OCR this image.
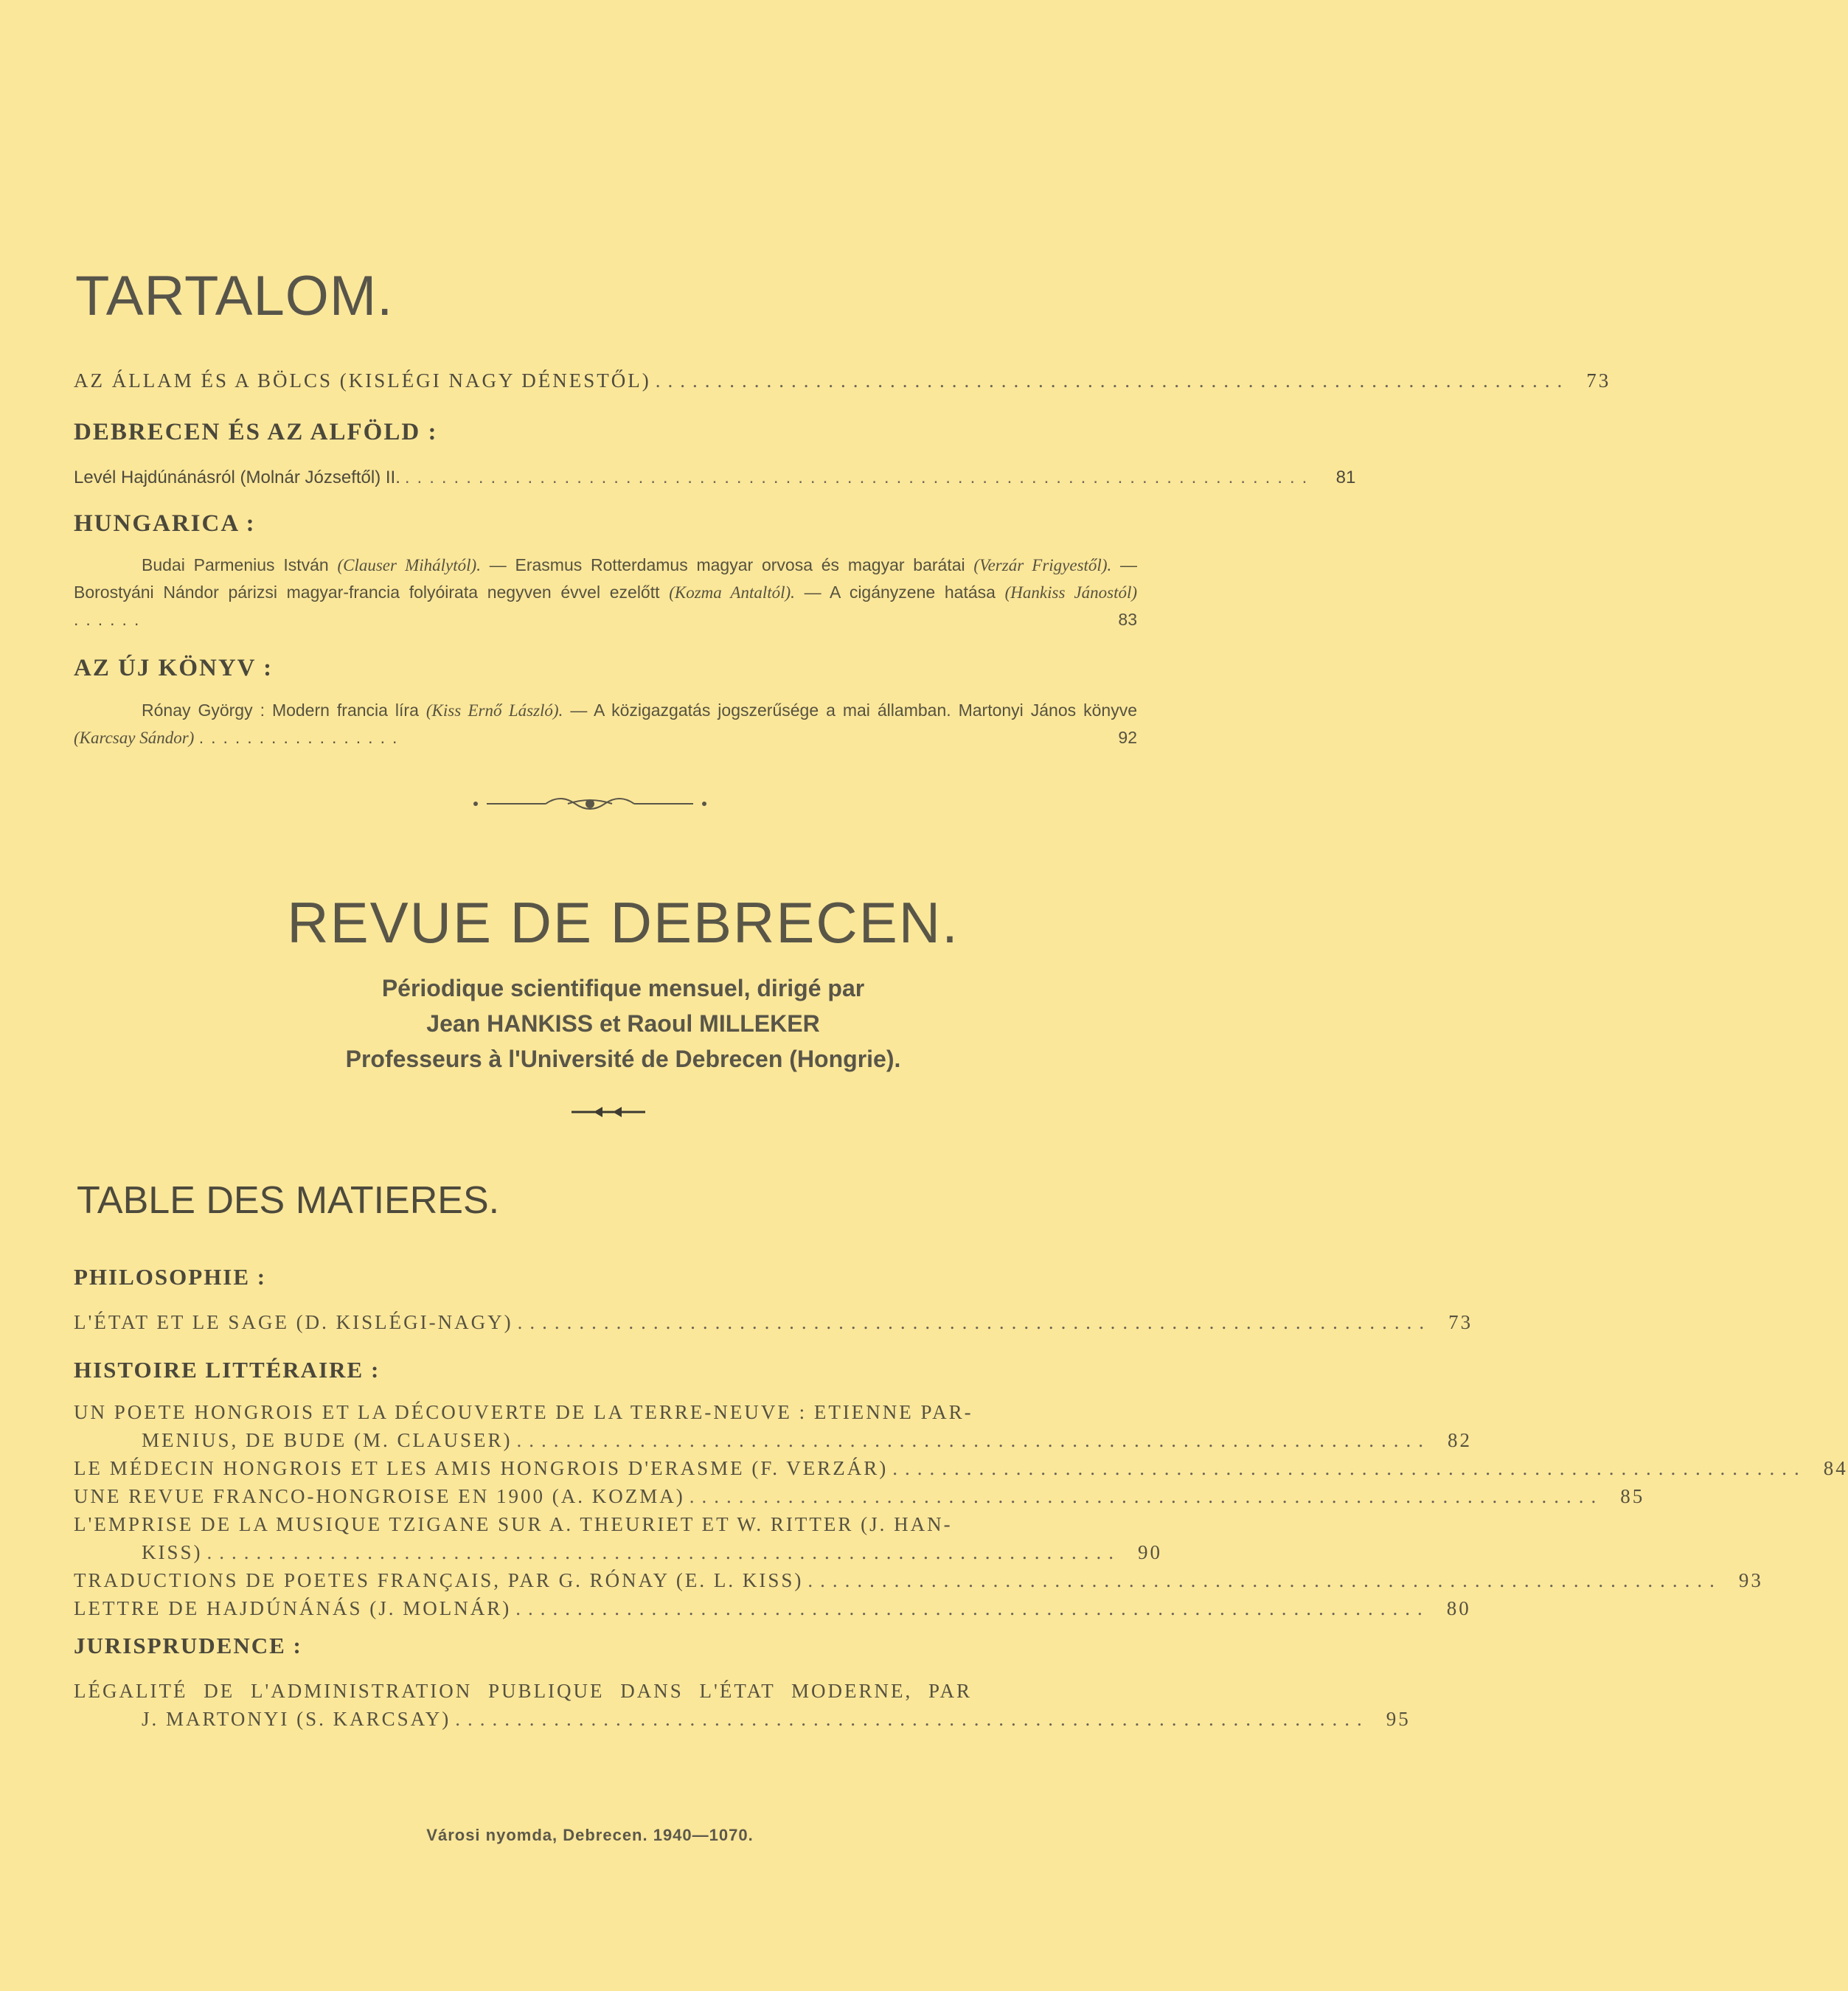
TARTALOM.
AZ ÁLLAM ÉS A BÖLCS (KISLÉGI NAGY DÉNESTŐL) .......................................................................... 73
DEBRECEN ÉS AZ ALFÖLD :
Levél Hajdúnánásról (Molnár Józseftől) II. ..........................................................................	81
HUNGARICA :
Budai Parmenius István (Clauser Mihálytól). — Erasmus Rotterdamus magyar orvosa és magyar barátai (Verzár Frigyestől). — Borostyáni Nándor párizsi magyar-francia folyóirata negyven évvel ezelőtt (Kozma Antaltól). — A cigányzene hatása (Hankiss Jánostól) ......	83
AZ ÚJ KÖNYV :
Rónay György : Modern francia líra (Kiss Ernő László). — A közigazgatás jogszerűsége a mai államban. Martonyi János könyve (Karcsay Sándor) .................	92
REVUE DE DEBRECEN.
Périodique scientifique mensuel, dirigé par
Jean HANKISS et Raoul MILLEKER
Professeurs à l'Université de Debrecen (Hongrie).
TABLE DES MATIERES.
PHILOSOPHIE :
L'ÉTAT ET LE SAGE (D. KISLÉGI-NAGY) .......................................................................... 73
HISTOIRE LITTÉRAIRE :
UN POETE HONGROIS ET LA DÉCOUVERTE DE LA TERRE-NEUVE : ETIENNE PAR-
MENIUS, DE BUDE (M. CLAUSER) .......................................................................... 82
LE MÉDECIN HONGROIS ET LES AMIS HONGROIS D'ERASME (F. VERZÁR) .......................................................................... 84
UNE REVUE FRANCO-HONGROISE EN 1900 (A. KOZMA) .......................................................................... 85
L'EMPRISE DE LA MUSIQUE TZIGANE SUR A. THEURIET ET W. RITTER (J. HAN-
KISS) .......................................................................... 90
TRADUCTIONS DE POETES FRANÇAIS, PAR G. RÓNAY (E. L. KISS) .......................................................................... 93
LETTRE DE HAJDÚNÁNÁS (J. MOLNÁR) .......................................................................... 80
JURISPRUDENCE :
LÉGALITÉ DE L'ADMINISTRATION PUBLIQUE DANS L'ÉTAT MODERNE, PAR
J. MARTONYI (S. KARCSAY) .......................................................................... 95
Városi nyomda, Debrecen. 1940—1070.
